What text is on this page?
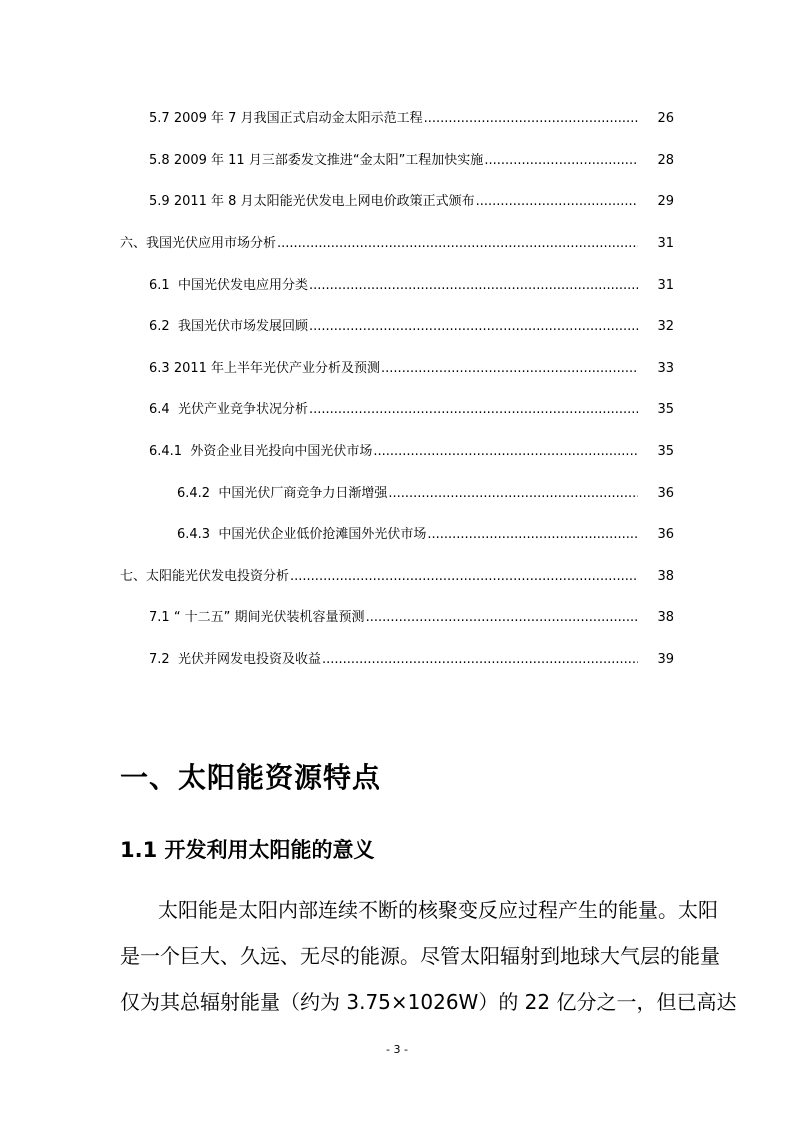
5.7 2009 年 7 月我国正式启动金太阳示范工程 .....	26
5.8 2009 年 11 月三部委发文推进“金太阳”工程加快实施 .....	28
5.9 2011 年 8 月太阳能光伏发电上网电价政策正式颁布 .....	29
六、我国光伏应用市场分析 .....	31
6.1 中国光伏发电应用分类 .....	31
6.2 我国光伏市场发展回顾 .....	32
6.3 2011 年上半年光伏产业分析及预测 .....	33
6.4 光伏产业竞争状况分析 .....	35
6.4.1 外资企业目光投向中国光伏市场 .....	35
6.4.2 中国光伏厂商竞争力日渐增强 .....	36
6.4.3 中国光伏企业低价抢滩国外光伏市场 .....	36
七、太阳能光伏发电投资分析 .....	38
7.1 “ 十二五” 期间光伏装机容量预测 .....	38
7.2 光伏并网发电投资及收益 .....	39
一、太阳能资源特点
1.1 开发利用太阳能的意义
太阳能是太阳内部连续不断的核聚变反应过程产生的能量。太阳
是一个巨大、久远、无尽的能源。尽管太阳辐射到地球大气层的能量
仅为其总辐射能量（约为 3.75×1026W）的 22 亿分之一，但已高达
- 3 -
